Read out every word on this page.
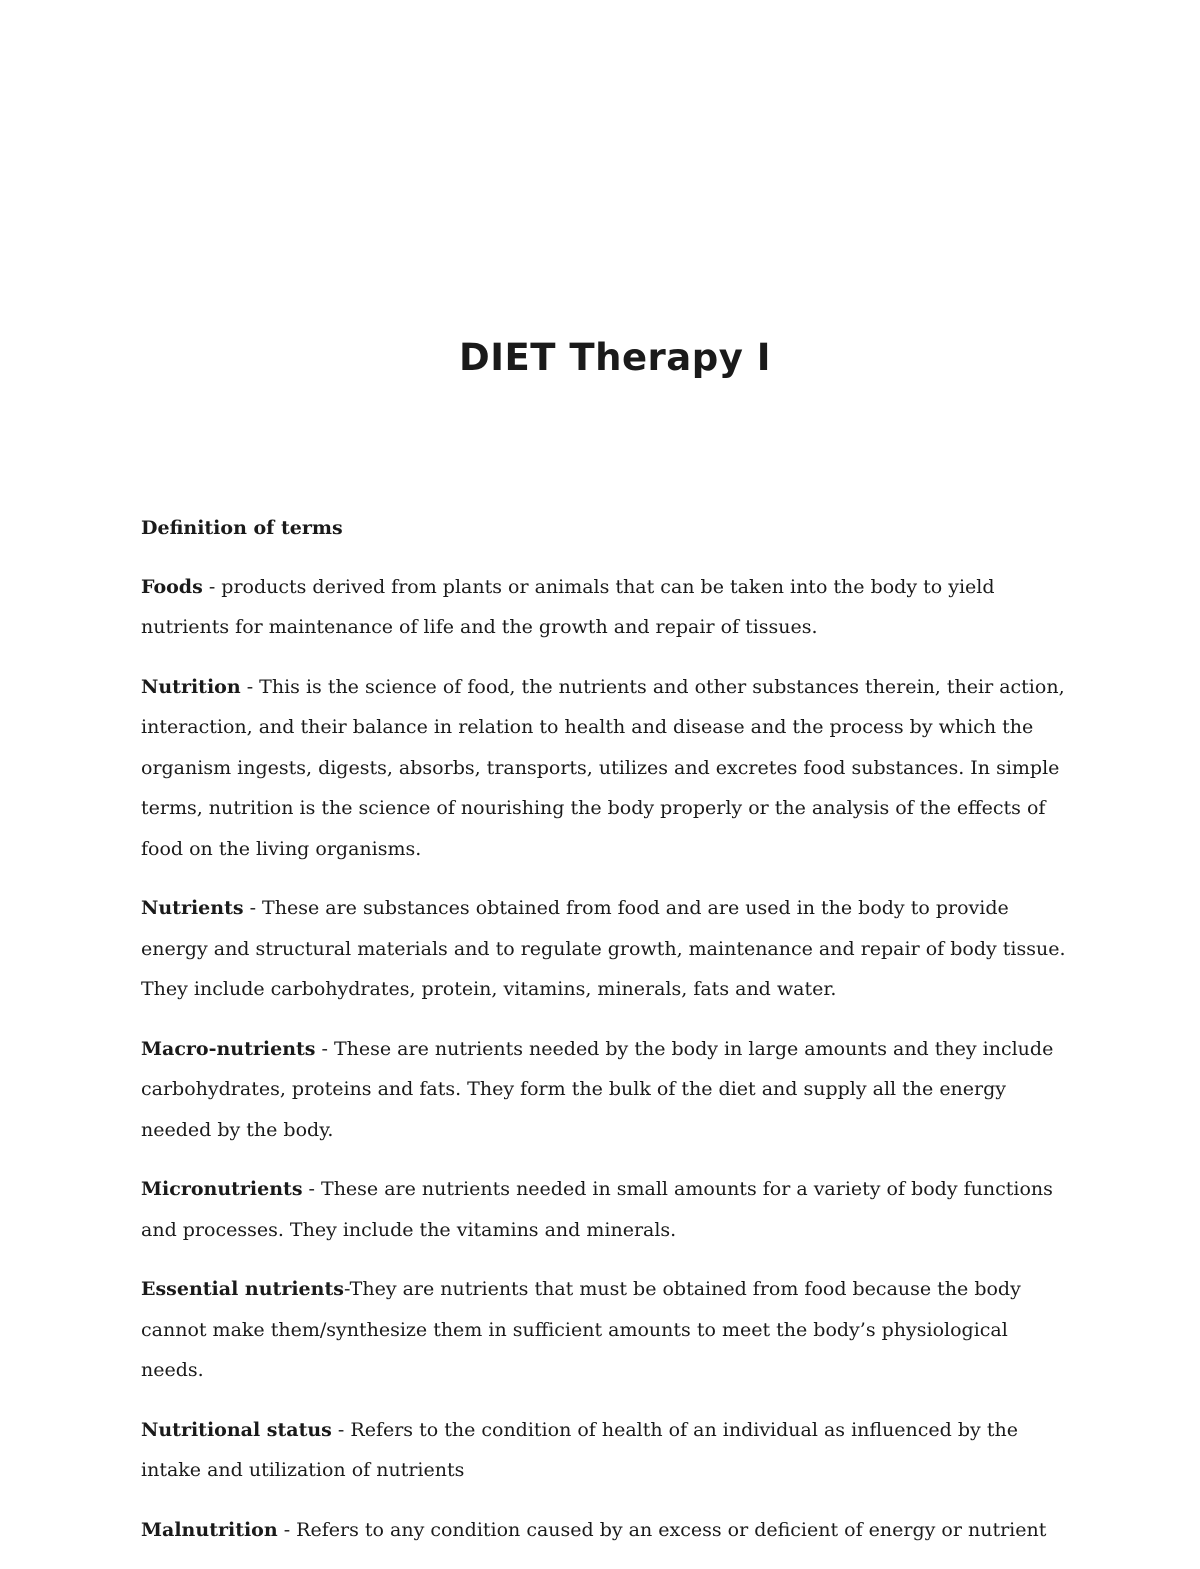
DIET Therapy I

Definition of terms

Foods - products derived from plants or animals that can be taken into the body to yield nutrients for maintenance of life and the growth and repair of tissues.

Nutrition - This is the science of food, the nutrients and other substances therein, their action, interaction, and their balance in relation to health and disease and the process by which the organism ingests, digests, absorbs, transports, utilizes and excretes food substances. In simple terms, nutrition is the science of nourishing the body properly or the analysis of the effects of food on the living organisms.

Nutrients - These are substances obtained from food and are used in the body to provide energy and structural materials and to regulate growth, maintenance and repair of body tissue. They include carbohydrates, protein, vitamins, minerals, fats and water.

Macro-nutrients - These are nutrients needed by the body in large amounts and they include carbohydrates, proteins and fats. They form the bulk of the diet and supply all the energy needed by the body.

Micronutrients - These are nutrients needed in small amounts for a variety of body functions and processes. They include the vitamins and minerals.

Essential nutrients-They are nutrients that must be obtained from food because the body cannot make them/synthesize them in sufficient amounts to meet the body’s physiological needs.

Nutritional status - Refers to the condition of health of an individual as influenced by the intake and utilization of nutrients

Malnutrition - Refers to any condition caused by an excess or deficient of energy or nutrient
